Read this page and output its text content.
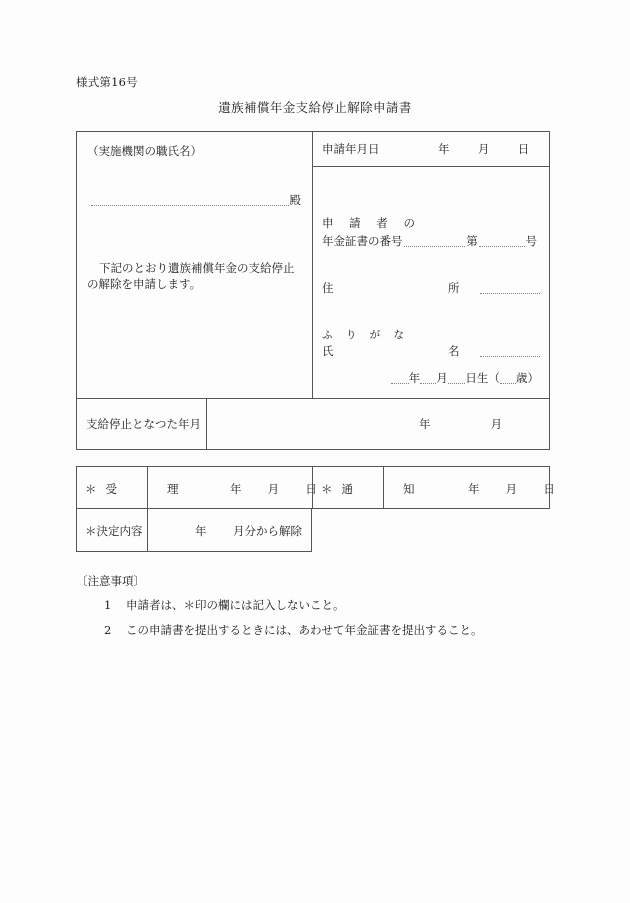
様式第16号
遺族補償年金支給停止解除申請書
（実施機関の職氏名）
殿
下記のとおり遺族補償年金の支給停止の解除を申請します。
申請年月日	年 月 日
申 請 者 の
年金証書の番号	第	号
住　　　所
ふ り が な
氏　　　名
年 月 日生（ 歳）
支給停止となつた年月	年	月
＊受　　理	年 月 日 ＊通　　知	年 月 日
＊決定内容	年 月分から解除
〔注意事項〕
1 申請者は、＊印の欄には記入しないこと。
2 この申請書を提出するときには、あわせて年金証書を提出すること。
